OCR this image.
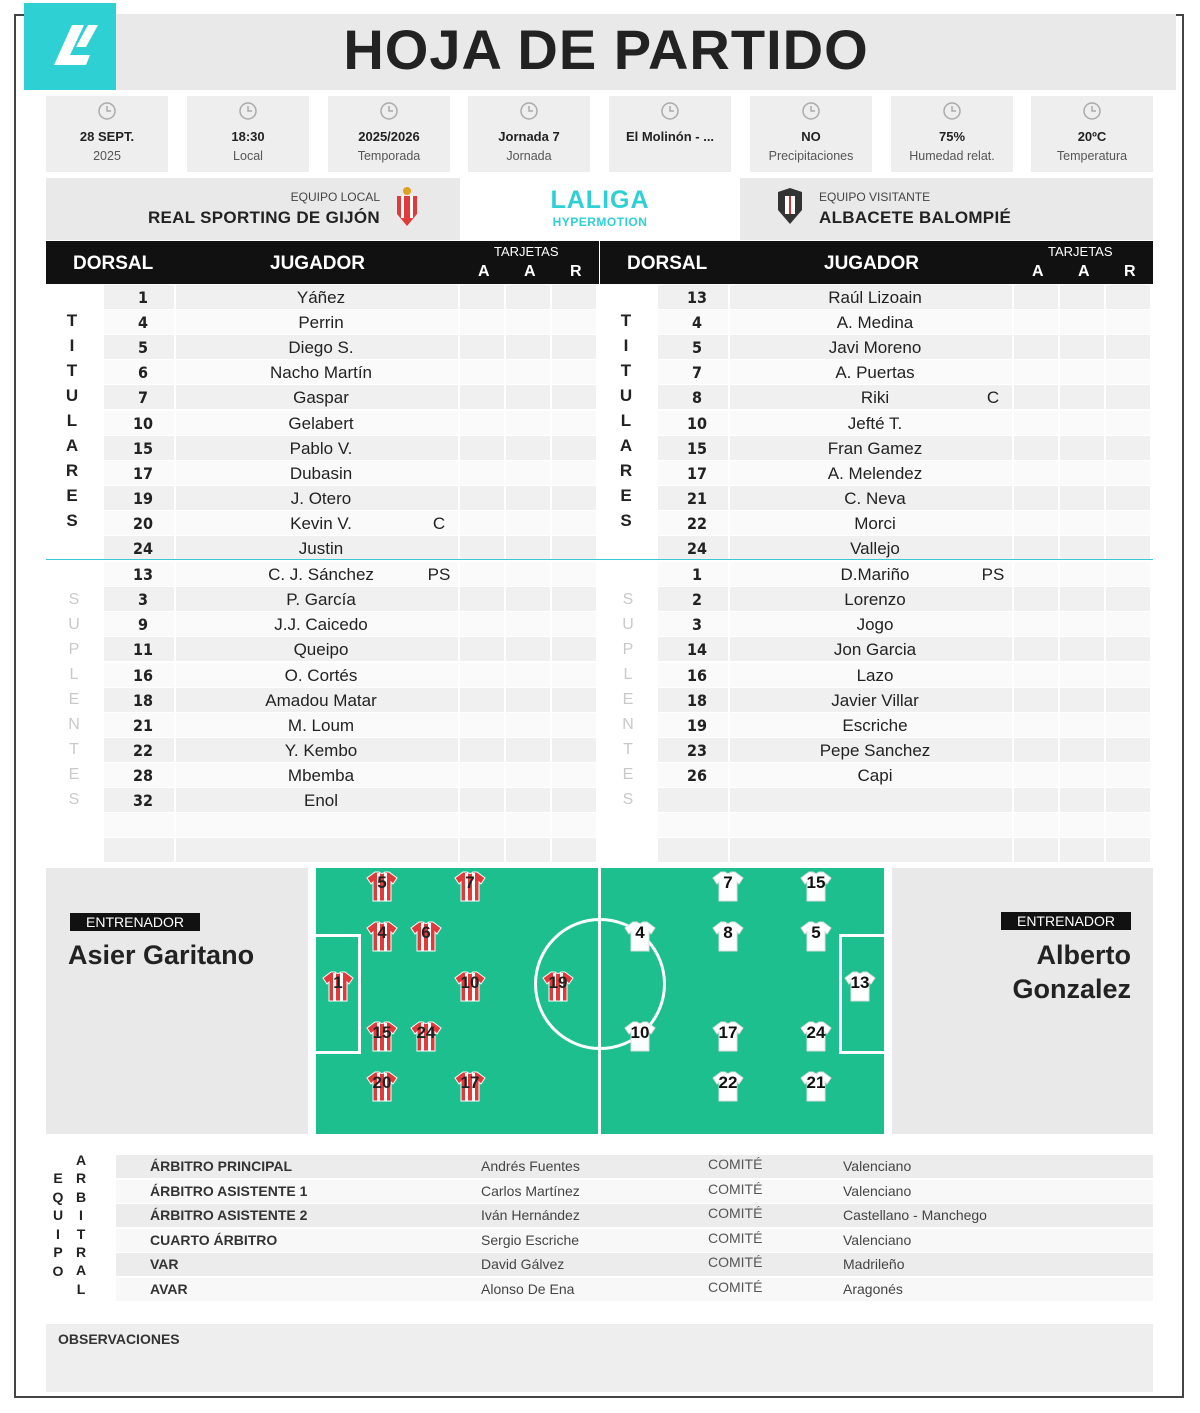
HOJA DE PARTIDO
28 SEPT.
2025
18:30
Local
2025/2026
Temporada
Jornada 7
Jornada
El Molinón - ...	NO
Precipitaciones
75%
Humedad relat.
20ºC
Temperatura
EQUIPO LOCAL
REAL SPORTING DE GIJÓN
LALIGA
HYPERMOTION
EQUIPO VISITANTE
ALBACETE BALOMPIÉ
DORSAL	JUGADOR
TARJETAS
A A R DORSAL	JUGADOR
TARJETAS
A A R
1	Yáñez
4	Perrin
5	Diego S.
6	Nacho Martín
7	Gaspar
10	Gelabert
15	Pablo V.
17	Dubasin
19	J. Otero
20	Kevin V.	C
24	Justin
13	C. J. Sánchez	PS
3	P. García
9	J.J. Caicedo
11	Queipo
16	O. Cortés
18	Amadou Matar
21	M. Loum
22	Y. Kembo
28	Mbemba
32	Enol
T
I
T
U
L
A
R
E
S
S
U
P
L
E
N
T
E
S
13	Raúl Lizoain
4	A. Medina
5	Javi Moreno
7	A. Puertas
8	Riki	C
10	Jefté T.
15	Fran Gamez
17	A. Melendez
21	C. Neva
22	Morci
24	Vallejo
1	D.Mariño	PS
2	Lorenzo
3	Jogo
14	Jon Garcia
16	Lazo
18	Javier Villar
19	Escriche
23	Pepe Sanchez
26	Capi
T
I
T
U
L
A
R
E
S
S
U
P
L
E
N
T
E
S
ENTRENADOR
Asier Garitano
ENTRENADOR
Alberto
Gonzalez
5	7
4	6
1	10	19
15	24
20	17
7	15
4	8	5
13
10	17	24
22	21
E
Q
U
I
P
O
A
R
B
I
T
R
A
L
ÁRBITRO PRINCIPAL	Andrés Fuentes	COMITÉ	Valenciano
ÁRBITRO ASISTENTE 1	Carlos Martínez	COMITÉ	Valenciano
ÁRBITRO ASISTENTE 2	Iván Hernández	COMITÉ	Castellano - Manchego
CUARTO ÁRBITRO	Sergio Escriche	COMITÉ	Valenciano
VAR	David Gálvez	COMITÉ	Madrileño
AVAR	Alonso De Ena	COMITÉ	Aragonés
OBSERVACIONES
